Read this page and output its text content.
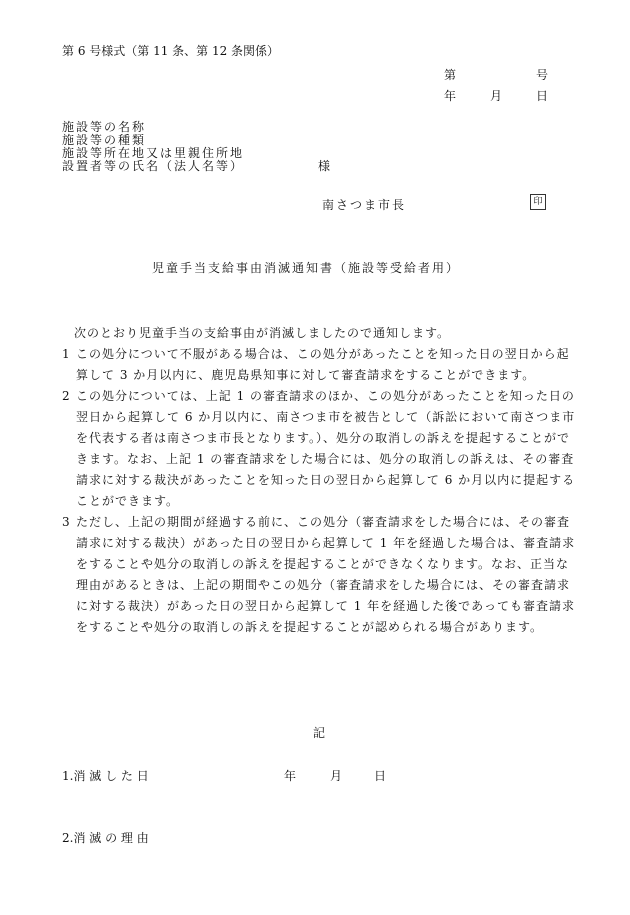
第 6 号様式（第 11 条、第 12 条関係）
第	号
年	月	日
施設等の名称
施設等の種類
施設等所在地又は里親住所地
設置者等の氏名（法人名等）	様
南さつま市長	印
児童手当支給事由消滅通知書（施設等受給者用）
次のとおり児童手当の支給事由が消滅しましたので通知します。
1 この処分について不服がある場合は、この処分があったことを知った日の翌日から起算して 3 か月以内に、鹿児島県知事に対して審査請求をすることができます。
2 この処分については、上記 1 の審査請求のほか、この処分があったことを知った日の翌日から起算して 6 か月以内に、南さつま市を被告として（訴訟において南さつま市を代表する者は南さつま市長となります。）、処分の取消しの訴えを提起することができます。なお、上記 1 の審査請求をした場合には、処分の取消しの訴えは、その審査請求に対する裁決があったことを知った日の翌日から起算して 6 か月以内に提起することができます。
3 ただし、上記の期間が経過する前に、この処分（審査請求をした場合には、その審査請求に対する裁決）があった日の翌日から起算して 1 年を経過した場合は、審査請求をすることや処分の取消しの訴えを提起することができなくなります。なお、正当な理由があるときは、上記の期間やこの処分（審査請求をした場合には、その審査請求に対する裁決）があった日の翌日から起算して 1 年を経過した後であっても審査請求をすることや処分の取消しの訴えを提起することが認められる場合があります。
記
1.消 滅 し た 日	年	月	日
2.消 滅 の 理 由
